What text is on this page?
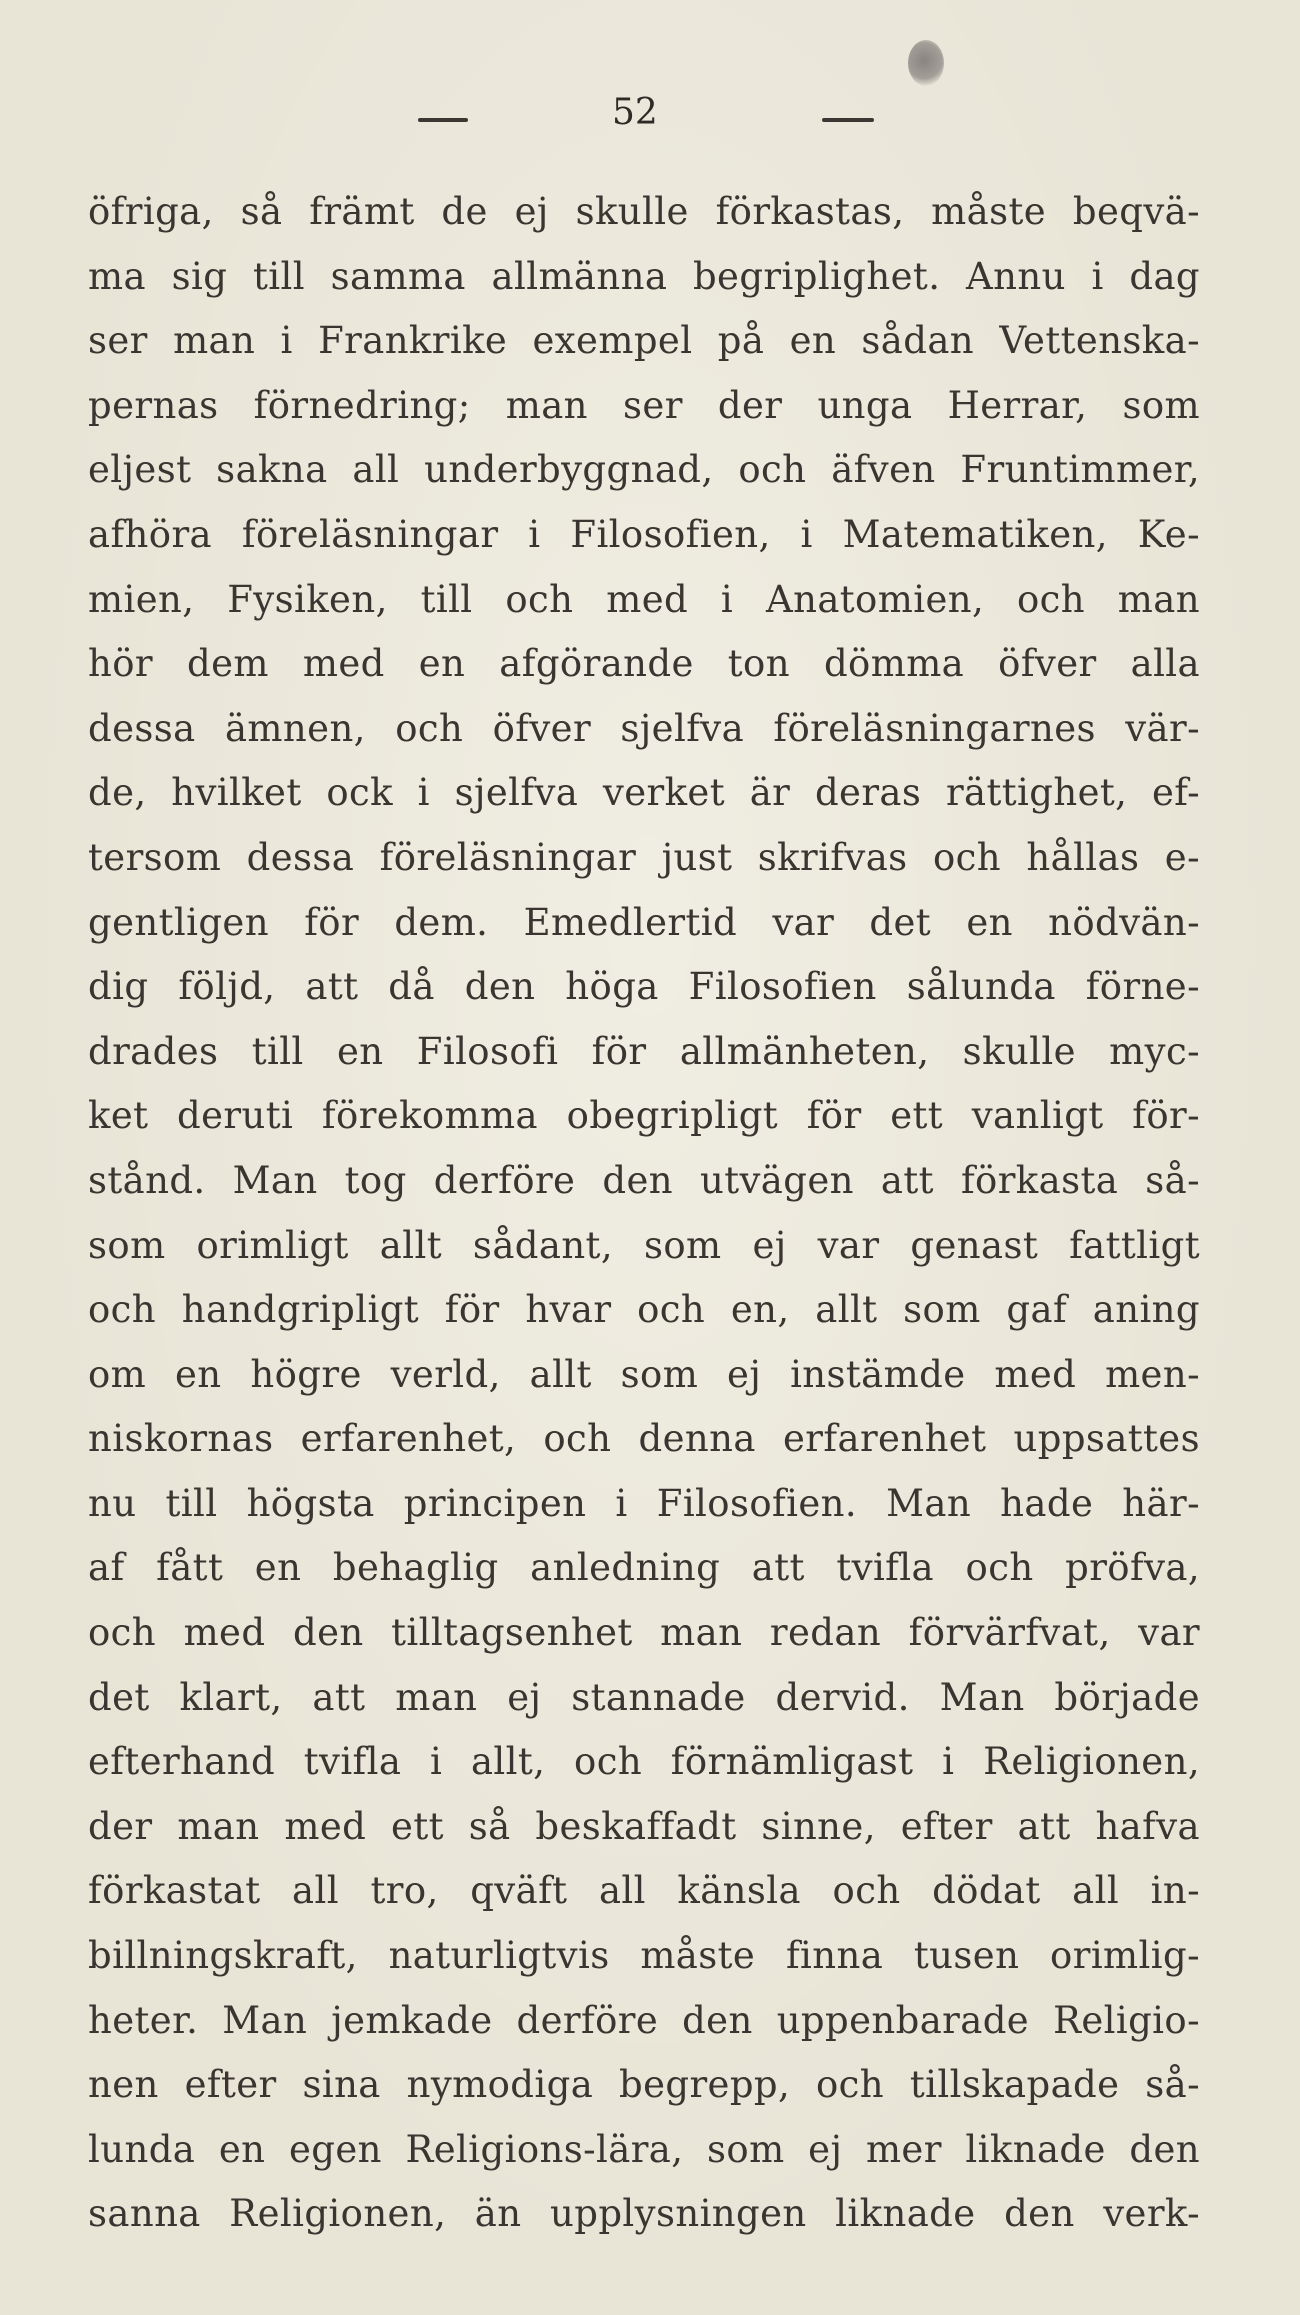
52
öfriga, så främt de ej skulle förkastas, måste beqvä-
ma sig till samma allmänna begriplighet. Annu i dag
ser man i Frankrike exempel på en sådan Vettenska-
pernas förnedring; man ser der unga Herrar, som
eljest sakna all underbyggnad, och äfven Fruntimmer,
afhöra föreläsningar i Filosofien, i Matematiken, Ke-
mien, Fysiken, till och med i Anatomien, och man
hör dem med en afgörande ton dömma öfver alla
dessa ämnen, och öfver sjelfva föreläsningarnes vär-
de, hvilket ock i sjelfva verket är deras rättighet, ef-
tersom dessa föreläsningar just skrifvas och hållas e-
gentligen för dem. Emedlertid var det en nödvän-
dig följd, att då den höga Filosofien sålunda förne-
drades till en Filosofi för allmänheten, skulle myc-
ket deruti förekomma obegripligt för ett vanligt för-
stånd. Man tog derföre den utvägen att förkasta så-
som orimligt allt sådant, som ej var genast fattligt
och handgripligt för hvar och en, allt som gaf aning
om en högre verld, allt som ej instämde med men-
niskornas erfarenhet, och denna erfarenhet uppsattes
nu till högsta principen i Filosofien. Man hade här-
af fått en behaglig anledning att tvifla och pröfva,
och med den tilltagsenhet man redan förvärfvat, var
det klart, att man ej stannade dervid. Man började
efterhand tvifla i allt, och förnämligast i Religionen,
der man med ett så beskaffadt sinne, efter att hafva
förkastat all tro, qväft all känsla och dödat all in-
billningskraft, naturligtvis måste finna tusen orimlig-
heter. Man jemkade derföre den uppenbarade Religio-
nen efter sina nymodiga begrepp, och tillskapade så-
lunda en egen Religions-lära, som ej mer liknade den
sanna Religionen, än upplysningen liknade den verk-
